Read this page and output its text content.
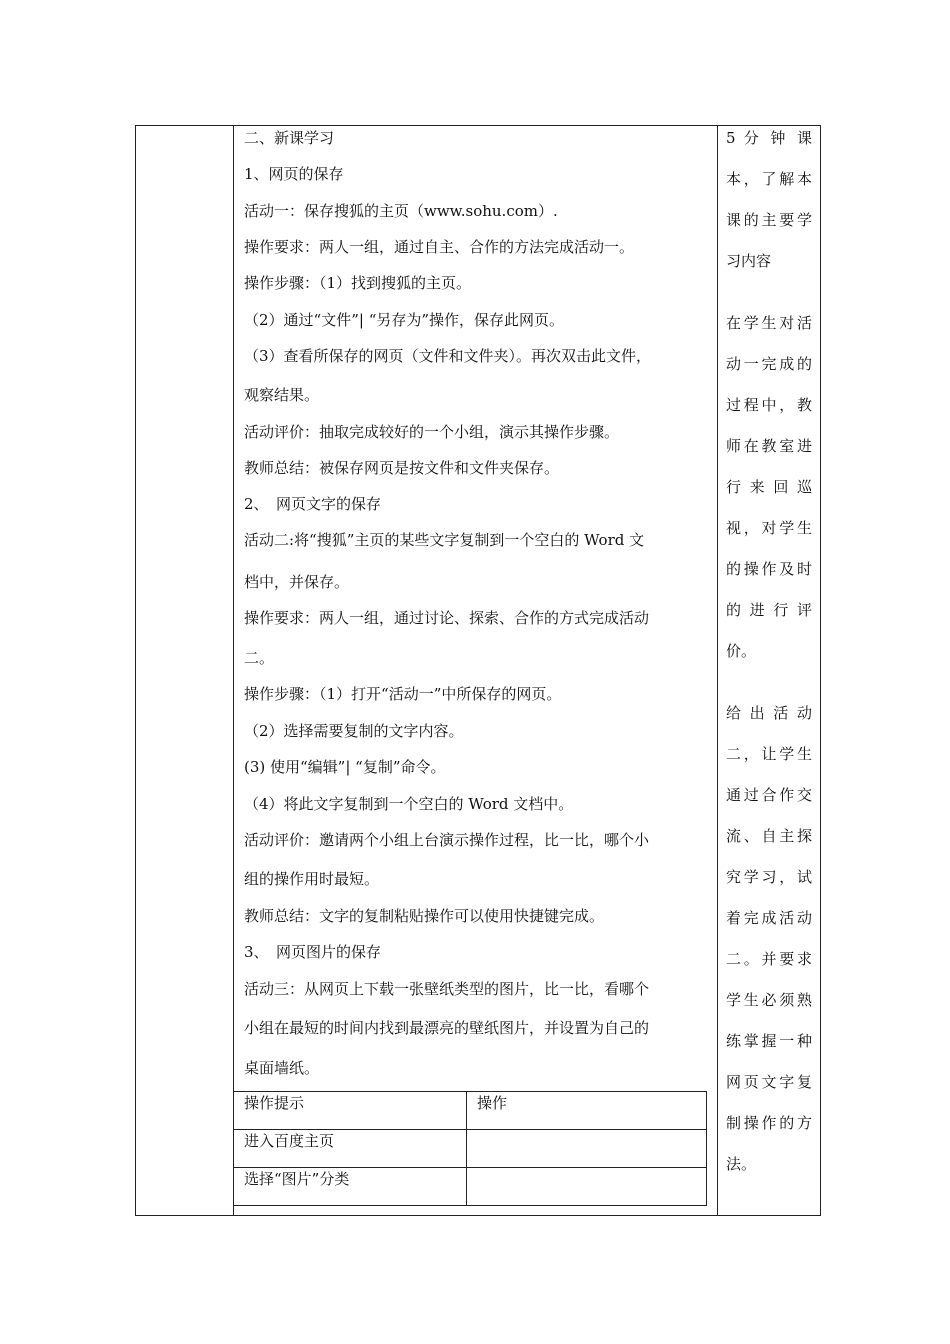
二、新课学习
1、网页的保存
活动一：保存搜狐的主页（www.sohu.com）.
操作要求：两人一组，通过自主、合作的方法完成活动一。
操作步骤：（1）找到搜狐的主页。
（2）通过“文件”| “另存为”操作，保存此网页。
（3）查看所保存的网页（文件和文件夹）。再次双击此文件，
观察结果。
活动评价：抽取完成较好的一个小组，演示其操作步骤。
教师总结：被保存网页是按文件和文件夹保存。
2、　网页文字的保存
活动二:将“搜狐”主页的某些文字复制到一个空白的 Word 文
档中，并保存。
操作要求：两人一组，通过讨论、探索、合作的方式完成活动
二。
操作步骤：（1）打开“活动一”中所保存的网页。
（2）选择需要复制的文字内容。
(3) 使用“编辑”| “复制”命令。
（4）将此文字复制到一个空白的 Word 文档中。
活动评价：邀请两个小组上台演示操作过程，比一比，哪个小
组的操作用时最短。
教师总结：文字的复制粘贴操作可以使用快捷键完成。
3、　网页图片的保存
活动三：从网页上下载一张壁纸类型的图片，比一比，看哪个
小组在最短的时间内找到最漂亮的壁纸图片，并设置为自己的
桌面墙纸。
操作提示	操作
进入百度主页	
选择“图片”分类	
5 分 钟 课
本，了解本
课的主要学
习内容
在学生对活
动一完成的
过程中，教
师在教室进
行 来 回 巡
视，对学生
的操作及时
的 进 行 评
价。
给 出 活 动
二，让学生
通过合作交
流、自主探
究学习，试
着完成活动
二。并要求
学生必须熟
练掌握一种
网页文字复
制操作的方
法。
